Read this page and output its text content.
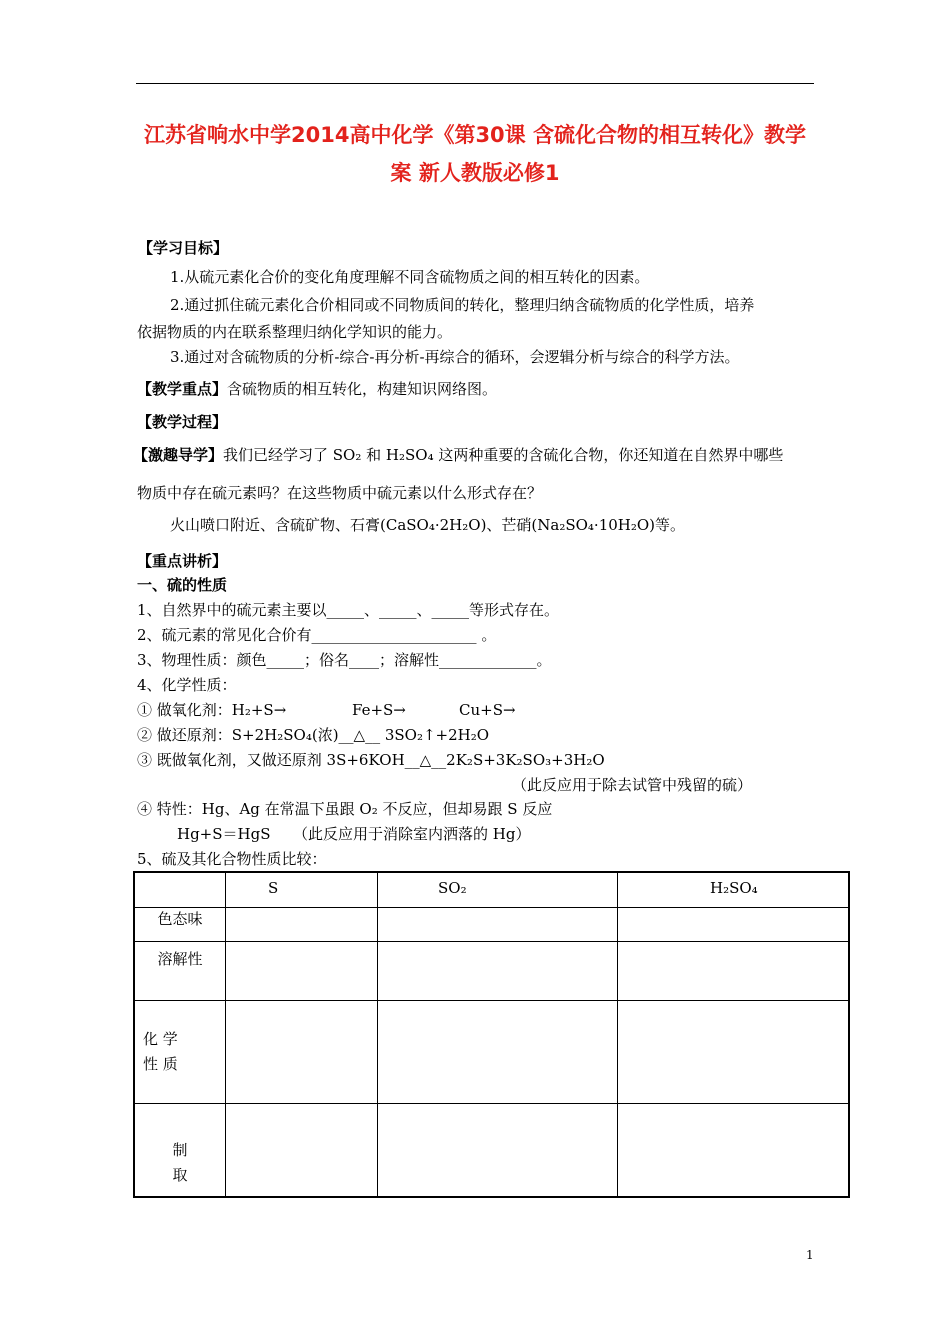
江苏省响水中学2014高中化学《第30课 含硫化合物的相互转化》教学
案 新人教版必修1
【学习目标】
1.从硫元素化合价的变化角度理解不同含硫物质之间的相互转化的因素。
2.通过抓住硫元素化合价相同或不同物质间的转化，整理归纳含硫物质的化学性质，培养
依据物质的内在联系整理归纳化学知识的能力。
3.通过对含硫物质的分析-综合-再分析-再综合的循环，会逻辑分析与综合的科学方法。
【教学重点】含硫物质的相互转化，构建知识网络图。
【教学过程】
【激趣导学】我们已经学习了 SO₂ 和 H₂SO₄ 这两种重要的含硫化合物，你还知道在自然界中哪些
物质中存在硫元素吗？在这些物质中硫元素以什么形式存在？
火山喷口附近、含硫矿物、石膏(CaSO₄·2H₂O)、芒硝(Na₂SO₄·10H₂O)等。
【重点讲析】
一、硫的性质
1、自然界中的硫元素主要以_____、_____、_____等形式存在。
2、硫元素的常见化合价有______________________ 。
3、物理性质：颜色_____；俗名____；溶解性_____________。
4、化学性质：
① 做氧化剂：H₂+S→	Fe+S→	Cu+S→
② 做还原剂：S+2H₂SO₄(浓)__△__ 3SO₂↑+2H₂O
③ 既做氧化剂，又做还原剂 3S+6KOH__△__2K₂S+3K₂SO₃+3H₂O
（此反应用于除去试管中残留的硫）
④ 特性：Hg、Ag 在常温下虽跟 O₂ 不反应，但却易跟 S 反应
Hg+S＝HgS　　（此反应用于消除室内洒落的 Hg）
5、硫及其化合物性质比较：

	S	SO₂	H₂SO₄

色态味			

溶解性			

化 学
性 质			

制
取			

1
